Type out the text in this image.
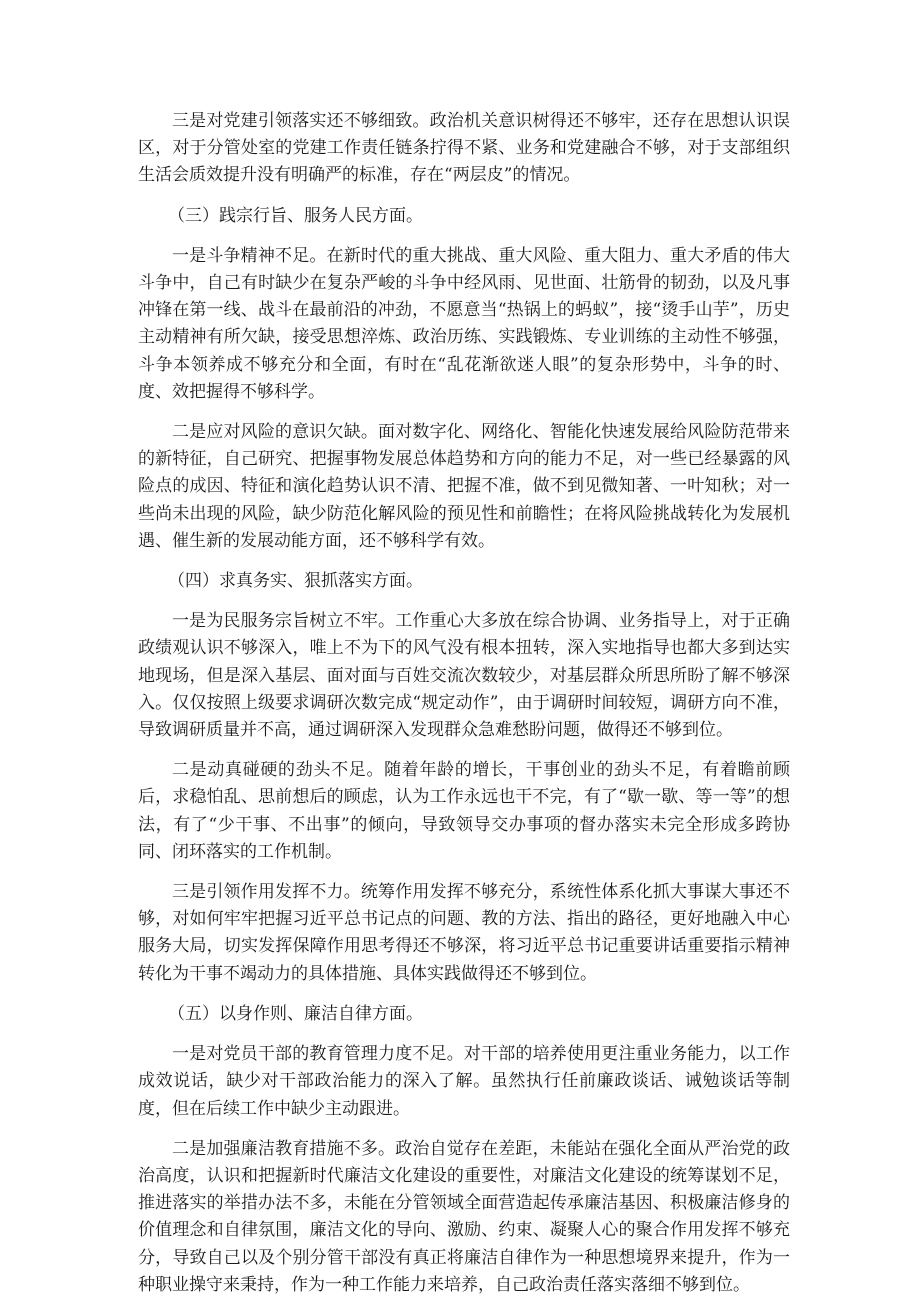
三是对党建引领落实还不够细致。政治机关意识树得还不够牢，还存在思想认识误区，对于分管处室的党建工作责任链条拧得不紧、业务和党建融合不够，对于支部组织生活会质效提升没有明确严的标准，存在“两层皮”的情况。

（三）践宗行旨、服务人民方面。

一是斗争精神不足。在新时代的重大挑战、重大风险、重大阻力、重大矛盾的伟大斗争中，自己有时缺少在复杂严峻的斗争中经风雨、见世面、壮筋骨的韧劲，以及凡事冲锋在第一线、战斗在最前沿的冲劲，不愿意当“热锅上的蚂蚁”，接“烫手山芋”，历史主动精神有所欠缺，接受思想淬炼、政治历练、实践锻炼、专业训练的主动性不够强，斗争本领养成不够充分和全面，有时在“乱花渐欲迷人眼”的复杂形势中，斗争的时、度、效把握得不够科学。

二是应对风险的意识欠缺。面对数字化、网络化、智能化快速发展给风险防范带来的新特征，自己研究、把握事物发展总体趋势和方向的能力不足，对一些已经暴露的风险点的成因、特征和演化趋势认识不清、把握不准，做不到见微知著、一叶知秋；对一些尚未出现的风险，缺少防范化解风险的预见性和前瞻性；在将风险挑战转化为发展机遇、催生新的发展动能方面，还不够科学有效。

（四）求真务实、狠抓落实方面。

一是为民服务宗旨树立不牢。工作重心大多放在综合协调、业务指导上，对于正确政绩观认识不够深入，唯上不为下的风气没有根本扭转，深入实地指导也都大多到达实地现场，但是深入基层、面对面与百姓交流次数较少，对基层群众所思所盼了解不够深入。仅仅按照上级要求调研次数完成“规定动作”，由于调研时间较短，调研方向不准，导致调研质量并不高，通过调研深入发现群众急难愁盼问题，做得还不够到位。

二是动真碰硬的劲头不足。随着年龄的增长，干事创业的劲头不足，有着瞻前顾后，求稳怕乱、思前想后的顾虑，认为工作永远也干不完，有了“歇一歇、等一等”的想法，有了“少干事、不出事”的倾向，导致领导交办事项的督办落实未完全形成多跨协同、闭环落实的工作机制。

三是引领作用发挥不力。统筹作用发挥不够充分，系统性体系化抓大事谋大事还不够，对如何牢牢把握习近平总书记点的问题、教的方法、指出的路径，更好地融入中心服务大局，切实发挥保障作用思考得还不够深，将习近平总书记重要讲话重要指示精神转化为干事不竭动力的具体措施、具体实践做得还不够到位。

（五）以身作则、廉洁自律方面。

一是对党员干部的教育管理力度不足。对干部的培养使用更注重业务能力，以工作成效说话，缺少对干部政治能力的深入了解。虽然执行任前廉政谈话、诫勉谈话等制度，但在后续工作中缺少主动跟进。

二是加强廉洁教育措施不多。政治自觉存在差距，未能站在强化全面从严治党的政治高度，认识和把握新时代廉洁文化建设的重要性，对廉洁文化建设的统筹谋划不足，推进落实的举措办法不多，未能在分管领域全面营造起传承廉洁基因、积极廉洁修身的价值理念和自律氛围，廉洁文化的导向、激励、约束、凝聚人心的聚合作用发挥不够充分，导致自己以及个别分管干部没有真正将廉洁自律作为一种思想境界来提升，作为一种职业操守来秉持，作为一种工作能力来培养，自己政治责任落实落细不够到位。
